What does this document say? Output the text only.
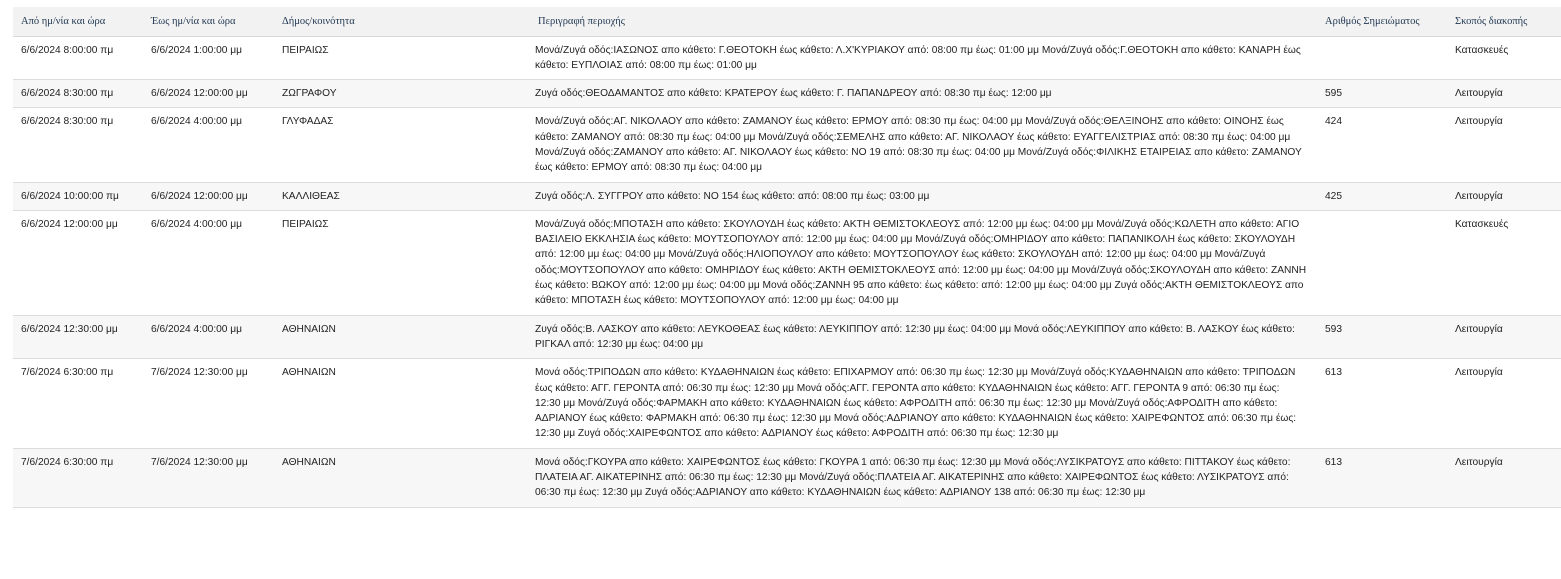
Από ημ/νία και ώρα	Έως ημ/νία και ώρα	Δήμος/κοινότητα	Περιγραφή περιοχής	Αριθμός Σημειώματος	Σκοπός διακοπής
6/6/2024 8:00:00 πμ	6/6/2024 1:00:00 μμ	ΠΕΙΡΑΙΩΣ	Μονά/Ζυγά οδός:ΙΑΣΩΝΟΣ απο κάθετο: Γ.ΘΕΟΤΟΚΗ έως κάθετο: Λ.Χ'ΚΥΡΙΑΚΟΥ από: 08:00 πμ έως: 01:00 μμ Μονά/Ζυγά οδός:Γ.ΘΕΟΤΟΚΗ απο κάθετο: ΚΑΝΑΡΗ έως κάθετο: ΕΥΠΛΟΙΑΣ από: 08:00 πμ έως: 01:00 μμ		Κατασκευές
6/6/2024 8:30:00 πμ	6/6/2024 12:00:00 μμ	ΖΩΓΡΑΦΟΥ	Ζυγά οδός:ΘΕΟΔΑΜΑΝΤΟΣ απο κάθετο: ΚΡΑΤΕΡΟΥ έως κάθετο: Γ. ΠΑΠΑΝΔΡΕΟΥ από: 08:30 πμ έως: 12:00 μμ	595	Λειτουργία
6/6/2024 8:30:00 πμ	6/6/2024 4:00:00 μμ	ΓΛΥΦΑΔΑΣ	Μονά/Ζυγά οδός:ΑΓ. ΝΙΚΟΛΑΟΥ απο κάθετο: ΖΑΜΑΝΟΥ έως κάθετο: ΕΡΜΟΥ από: 08:30 πμ έως: 04:00 μμ Μονά/Ζυγά οδός:ΘΕΛΞΙΝΟΗΣ απο κάθετο: ΟΙΝΟΗΣ έως κάθετο: ΖΑΜΑΝΟΥ από: 08:30 πμ έως: 04:00 μμ Μονά/Ζυγά οδός:ΣΕΜΕΛΗΣ απο κάθετο: ΑΓ. ΝΙΚΟΛΑΟΥ έως κάθετο: ΕΥΑΓΓΕΛΙΣΤΡΙΑΣ από: 08:30 πμ έως: 04:00 μμ Μονά/Ζυγά οδός:ΖΑΜΑΝΟΥ απο κάθετο: ΑΓ. ΝΙΚΟΛΑΟΥ έως κάθετο: ΝΟ 19 από: 08:30 πμ έως: 04:00 μμ Μονά/Ζυγά οδός:ΦΙΛΙΚΗΣ ΕΤΑΙΡΕΙΑΣ απο κάθετο: ΖΑΜΑΝΟΥ έως κάθετο: ΕΡΜΟΥ από: 08:30 πμ έως: 04:00 μμ	424	Λειτουργία
6/6/2024 10:00:00 πμ	6/6/2024 12:00:00 μμ	ΚΑΛΛΙΘΕΑΣ	Ζυγά οδός:Λ. ΣΥΓΓΡΟΥ απο κάθετο: ΝΟ 154 έως κάθετο: από: 08:00 πμ έως: 03:00 μμ	425	Λειτουργία
6/6/2024 12:00:00 μμ	6/6/2024 4:00:00 μμ	ΠΕΙΡΑΙΩΣ	Μονά/Ζυγά οδός:ΜΠΟΤΑΣΗ απο κάθετο: ΣΚΟΥΛΟΥΔΗ έως κάθετο: ΑΚΤΗ ΘΕΜΙΣΤΟΚΛΕΟΥΣ από: 12:00 μμ έως: 04:00 μμ Μονά/Ζυγά οδός:ΚΩΛΕΤΗ απο κάθετο: ΑΓΙΟ ΒΑΣΙΛΕΙΟ ΕΚΚΛΗΣΙΑ έως κάθετο: ΜΟΥΤΣΟΠΟΥΛΟΥ από: 12:00 μμ έως: 04:00 μμ Μονά/Ζυγά οδός:ΟΜΗΡΙΔΟΥ απο κάθετο: ΠΑΠΑΝΙΚΟΛΗ έως κάθετο: ΣΚΟΥΛΟΥΔΗ από: 12:00 μμ έως: 04:00 μμ Μονά/Ζυγά οδός:ΗΛΙΟΠΟΥΛΟΥ απο κάθετο: ΜΟΥΤΣΟΠΟΥΛΟΥ έως κάθετο: ΣΚΟΥΛΟΥΔΗ από: 12:00 μμ έως: 04:00 μμ Μονά/Ζυγά οδός:ΜΟΥΤΣΟΠΟΥΛΟΥ απο κάθετο: ΟΜΗΡΙΔΟΥ έως κάθετο: ΑΚΤΗ ΘΕΜΙΣΤΟΚΛΕΟΥΣ από: 12:00 μμ έως: 04:00 μμ Μονά/Ζυγά οδός:ΣΚΟΥΛΟΥΔΗ απο κάθετο: ΖΑΝΝΗ έως κάθετο: ΒΩΚΟΥ από: 12:00 μμ έως: 04:00 μμ Μονά οδός:ΖΑΝΝΗ 95 απο κάθετο: έως κάθετο: από: 12:00 μμ έως: 04:00 μμ Ζυγά οδός:ΑΚΤΗ ΘΕΜΙΣΤΟΚΛΕΟΥΣ απο κάθετο: ΜΠΟΤΑΣΗ έως κάθετο: ΜΟΥΤΣΟΠΟΥΛΟΥ από: 12:00 μμ έως: 04:00 μμ		Κατασκευές
6/6/2024 12:30:00 μμ	6/6/2024 4:00:00 μμ	ΑΘΗΝΑΙΩΝ	Ζυγά οδός:Β. ΛΑΣΚΟΥ απο κάθετο: ΛΕΥΚΟΘΕΑΣ έως κάθετο: ΛΕΥΚΙΠΠΟΥ από: 12:30 μμ έως: 04:00 μμ Μονά οδός:ΛΕΥΚΙΠΠΟΥ απο κάθετο: Β. ΛΑΣΚΟΥ έως κάθετο: ΡΙΓΚΑΛ από: 12:30 μμ έως: 04:00 μμ	593	Λειτουργία
7/6/2024 6:30:00 πμ	7/6/2024 12:30:00 μμ	ΑΘΗΝΑΙΩΝ	Μονά οδός:ΤΡΙΠΟΔΩΝ απο κάθετο: ΚΥΔΑΘΗΝΑΙΩΝ έως κάθετο: ΕΠΙΧΑΡΜΟΥ από: 06:30 πμ έως: 12:30 μμ Μονά/Ζυγά οδός:ΚΥΔΑΘΗΝΑΙΩΝ απο κάθετο: ΤΡΙΠΟΔΩΝ έως κάθετο: ΑΓΓ. ΓΕΡΟΝΤΑ από: 06:30 πμ έως: 12:30 μμ Μονά οδός:ΑΓΓ. ΓΕΡΟΝΤΑ απο κάθετο: ΚΥΔΑΘΗΝΑΙΩΝ έως κάθετο: ΑΓΓ. ΓΕΡΟΝΤΑ 9 από: 06:30 πμ έως: 12:30 μμ Μονά/Ζυγά οδός:ΦΑΡΜΑΚΗ απο κάθετο: ΚΥΔΑΘΗΝΑΙΩΝ έως κάθετο: ΑΦΡΟΔΙΤΗ από: 06:30 πμ έως: 12:30 μμ Μονά/Ζυγά οδός:ΑΦΡΟΔΙΤΗ απο κάθετο: ΑΔΡΙΑΝΟΥ έως κάθετο: ΦΑΡΜΑΚΗ από: 06:30 πμ έως: 12:30 μμ Μονά οδός:ΑΔΡΙΑΝΟΥ απο κάθετο: ΚΥΔΑΘΗΝΑΙΩΝ έως κάθετο: ΧΑΙΡΕΦΩΝΤΟΣ από: 06:30 πμ έως: 12:30 μμ Ζυγά οδός:ΧΑΙΡΕΦΩΝΤΟΣ απο κάθετο: ΑΔΡΙΑΝΟΥ έως κάθετο: ΑΦΡΟΔΙΤΗ από: 06:30 πμ έως: 12:30 μμ	613	Λειτουργία
7/6/2024 6:30:00 πμ	7/6/2024 12:30:00 μμ	ΑΘΗΝΑΙΩΝ	Μονά οδός:ΓΚΟΥΡΑ απο κάθετο: ΧΑΙΡΕΦΩΝΤΟΣ έως κάθετο: ΓΚΟΥΡΑ 1 από: 06:30 πμ έως: 12:30 μμ Μονά οδός:ΛΥΣΙΚΡΑΤΟΥΣ απο κάθετο: ΠΙΤΤΑΚΟΥ έως κάθετο: ΠΛΑΤΕΙΑ ΑΓ. ΑΙΚΑΤΕΡΙΝΗΣ από: 06:30 πμ έως: 12:30 μμ Μονά/Ζυγά οδός:ΠΛΑΤΕΙΑ ΑΓ. ΑΙΚΑΤΕΡΙΝΗΣ απο κάθετο: ΧΑΙΡΕΦΩΝΤΟΣ έως κάθετο: ΛΥΣΙΚΡΑΤΟΥΣ από: 06:30 πμ έως: 12:30 μμ Ζυγά οδός:ΑΔΡΙΑΝΟΥ απο κάθετο: ΚΥΔΑΘΗΝΑΙΩΝ έως κάθετο: ΑΔΡΙΑΝΟΥ 138 από: 06:30 πμ έως: 12:30 μμ	613	Λειτουργία
